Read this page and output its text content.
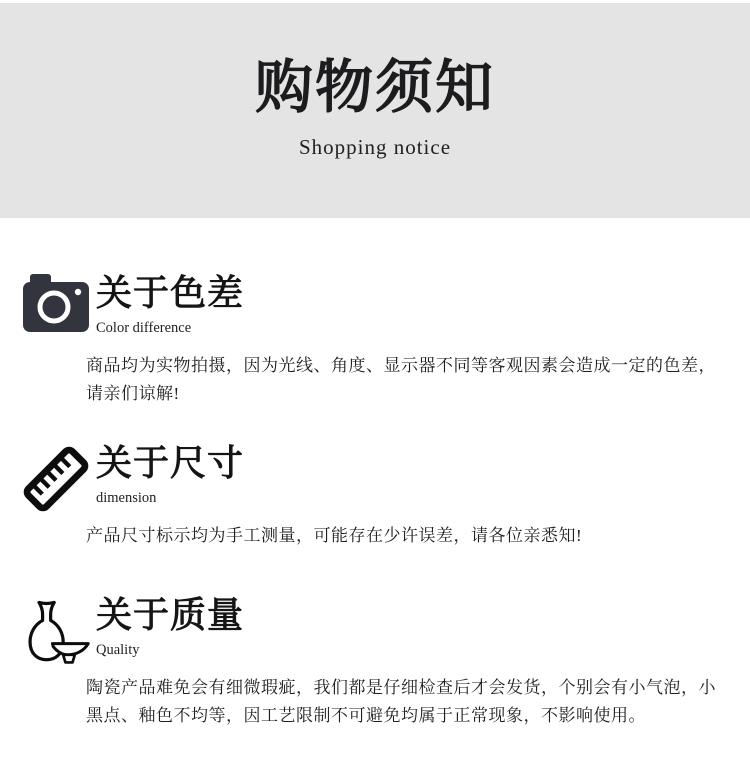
购物须知
Shopping notice
关于色差
Color difference

商品均为实物拍摄，因为光线、角度、显示器不同等客观因素会造成一定的色差，请亲们谅解!

关于尺寸
dimension

产品尺寸标示均为手工测量，可能存在少许误差，请各位亲悉知!

关于质量
Quality

陶瓷产品难免会有细微瑕疵，我们都是仔细检查后才会发货，个别会有小气泡，小黑点、釉色不均等，因工艺限制不可避免均属于正常现象，不影响使用。
